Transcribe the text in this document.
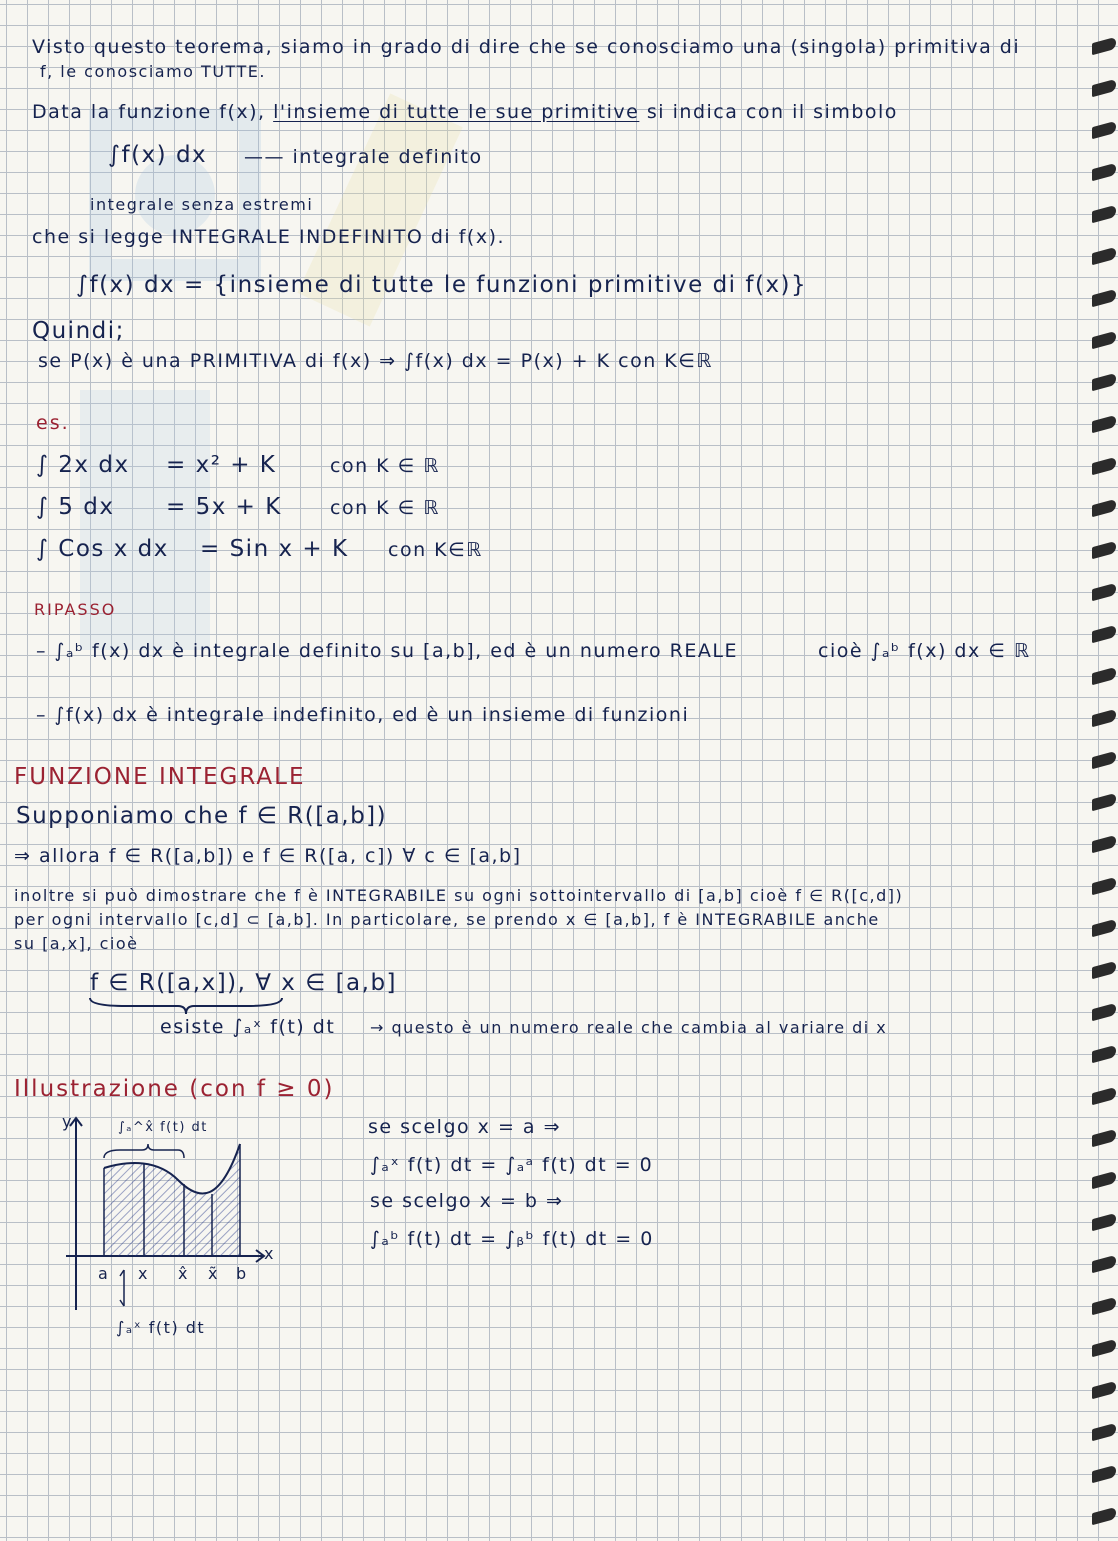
Visto questo teorema, siamo in grado di dire che se conosciamo una (singola) primitiva di
f, le conosciamo TUTTE.
Data la funzione f(x), l'insieme di tutte le sue primitive si indica con il simbolo
∫f(x) dx —— integrale definito
integrale senza estremi
che si legge INTEGRALE INDEFINITO di f(x).
∫f(x) dx = {insieme di tutte le funzioni primitive di f(x)}
Quindi;
se P(x) è una PRIMITIVA di f(x) ⇒ ∫f(x) dx = P(x) + K con K∈ℝ
es.
∫ 2x dx = x² + K	con K ∈ ℝ
∫ 5 dx = 5x + K	con K ∈ ℝ
∫ Cos x dx = Sin x + K con K∈ℝ
RIPASSO
– ∫ₐᵇ f(x) dx è integrale definito su [a,b], ed è un numero REALE	cioè ∫ₐᵇ f(x) dx ∈ ℝ
– ∫f(x) dx è integrale indefinito, ed è un insieme di funzioni
FUNZIONE INTEGRALE
Supponiamo che f ∈ R([a,b])
⇒ allora f ∈ R([a,b]) e f ∈ R([a, c]) ∀ c ∈ [a,b]
inoltre si può dimostrare che f è INTEGRABILE su ogni sottointervallo di [a,b] cioè f ∈ R([c,d])
per ogni intervallo [c,d] ⊂ [a,b]. In particolare, se prendo x ∈ [a,b], f è INTEGRABILE anche
su [a,x], cioè
f ∈ R([a,x]), ∀ x ∈ [a,b]
esiste ∫ₐˣ f(t) dt → questo è un numero reale che cambia al variare di x
Illustrazione (con f ≥ 0)
y
x
∫ₐ^x̂ f(t) dt
a x x̂ x̃ b
∫ₐˣ f(t) dt
se scelgo x = a ⇒
∫ₐˣ f(t) dt = ∫ₐᵃ f(t) dt = 0
se scelgo x = b ⇒
∫ₐᵇ f(t) dt = ∫ᵦᵇ f(t) dt = 0
